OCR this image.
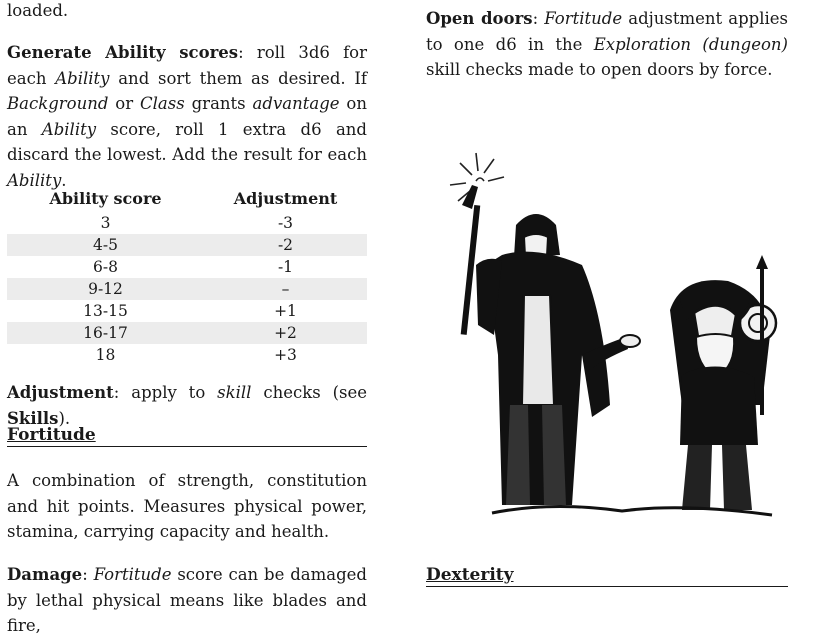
loaded.

Generate Ability scores: roll 3d6 for each Ability and sort them as desired. If Background or Class grants advantage on an Ability score, roll 1 extra d6 and discard the lowest. Add the result for each Ability.

Ability score	Adjustment
3	-3
4-5	-2
6-8	-1
9-12	–
13-15	+1
16-17	+2
18	+3

Adjustment: apply to skill checks (see Skills).

Fortitude

A combination of strength, constitution and hit points. Measures physical power, stamina, carrying capacity and health.

Damage: Fortitude score can be damaged by lethal physical means like blades and fire,

Open doors: Fortitude adjustment applies to one d6 in the Exploration (dungeon) skill checks made to open doors by force.

Dexterity
